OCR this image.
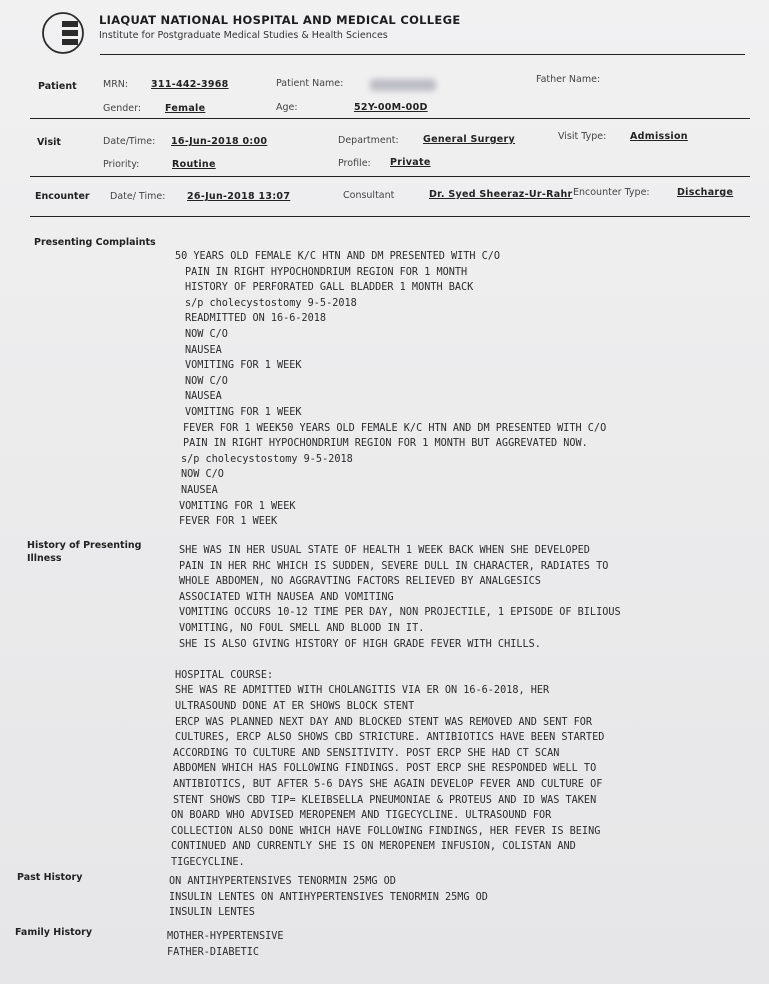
LIAQUAT NATIONAL HOSPITAL AND MEDICAL COLLEGE
Institute for Postgraduate Medical Studies & Health Sciences
Patient	MRN: 311-442-3968	Patient Name:	Father Name:
Gender:	Female	Age:	52Y-00M-00D
Visit	Date/Time: 16-Jun-2018 0:00	Department:	General Surgery	Visit Type: Admission
Priority:	Routine	Profile: Private
Encounter Date/ Time: 26-Jun-2018 13:07	Consultant	Dr. Syed Sheeraz-Ur-Rahr Encounter Type:	Discharge
Presenting Complaints
50 YEARS OLD FEMALE K/C HTN AND DM PRESENTED WITH C/O
PAIN IN RIGHT HYPOCHONDRIUM REGION FOR 1 MONTH
HISTORY OF PERFORATED GALL BLADDER 1 MONTH BACK
s/p cholecystostomy 9-5-2018
READMITTED ON 16-6-2018
NOW C/O
NAUSEA
VOMITING FOR 1 WEEK
NOW C/O
NAUSEA
VOMITING FOR 1 WEEK
FEVER FOR 1 WEEK50 YEARS OLD FEMALE K/C HTN AND DM PRESENTED WITH C/O
PAIN IN RIGHT HYPOCHONDRIUM REGION FOR 1 MONTH BUT AGGREVATED NOW.
s/p cholecystostomy 9-5-2018
NOW C/O
NAUSEA
VOMITING FOR 1 WEEK
FEVER FOR 1 WEEK
History of Presenting
Illness
SHE WAS IN HER USUAL STATE OF HEALTH 1 WEEK BACK WHEN SHE DEVELOPED
PAIN IN HER RHC WHICH IS SUDDEN, SEVERE DULL IN CHARACTER, RADIATES TO
WHOLE ABDOMEN, NO AGGRAVTING FACTORS RELIEVED BY ANALGESICS
ASSOCIATED WITH NAUSEA AND VOMITING
VOMITING OCCURS 10-12 TIME PER DAY, NON PROJECTILE, 1 EPISODE OF BILIOUS
VOMITING, NO FOUL SMELL AND BLOOD IN IT.
SHE IS ALSO GIVING HISTORY OF HIGH GRADE FEVER WITH CHILLS.
HOSPITAL COURSE:
SHE WAS RE ADMITTED WITH CHOLANGITIS VIA ER ON 16-6-2018, HER
ULTRASOUND DONE AT ER SHOWS BLOCK STENT
ERCP WAS PLANNED NEXT DAY AND BLOCKED STENT WAS REMOVED AND SENT FOR
CULTURES, ERCP ALSO SHOWS CBD STRICTURE. ANTIBIOTICS HAVE BEEN STARTED
ACCORDING TO CULTURE AND SENSITIVITY. POST ERCP SHE HAD CT SCAN
ABDOMEN WHICH HAS FOLLOWING FINDINGS. POST ERCP SHE RESPONDED WELL TO
ANTIBIOTICS, BUT AFTER 5-6 DAYS SHE AGAIN DEVELOP FEVER AND CULTURE OF
STENT SHOWS CBD TIP= KLEIBSELLA PNEUMONIAE & PROTEUS AND ID WAS TAKEN
ON BOARD WHO ADVISED MEROPENEM AND TIGECYCLINE. ULTRASOUND FOR
COLLECTION ALSO DONE WHICH HAVE FOLLOWING FINDINGS, HER FEVER IS BEING
CONTINUED AND CURRENTLY SHE IS ON MEROPENEM INFUSION, COLISTAN AND
TIGECYCLINE.
Past History	ON ANTIHYPERTENSIVES TENORMIN 25MG OD
INSULIN LENTES ON ANTIHYPERTENSIVES TENORMIN 25MG OD
INSULIN LENTES
Family History	MOTHER-HYPERTENSIVE
FATHER-DIABETIC
